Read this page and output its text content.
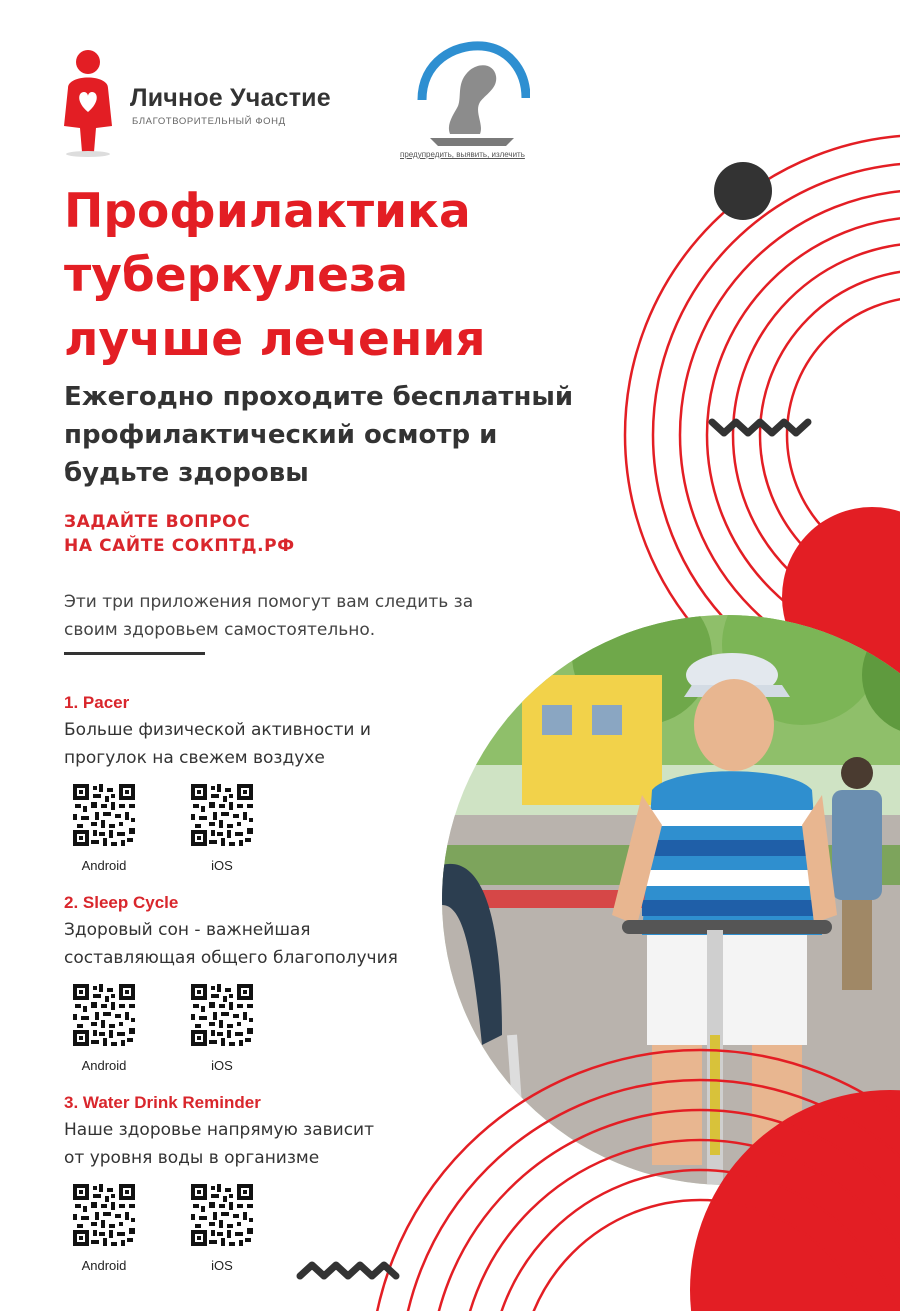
Личное Участие
БЛАГОТВОРИТЕЛЬНЫЙ ФОНД
предупредить, выявить, излечить
Профилактика
туберкулеза
лучше лечения
Ежегодно проходите бесплатный
профилактический осмотр и
будьте здоровы
ЗАДАЙТЕ ВОПРОС
НА САЙТЕ СОКПТД.РФ
Эти три приложения помогут вам следить за
своим здоровьем самостоятельно.
1. Pacer
Больше физической активности и
прогулок на свежем воздухе
Android	iOS
2. Sleep Cycle
Здоровый сон - важнейшая
составляющая общего благополучия
Android	iOS
3. Water Drink Reminder
Наше здоровье напрямую зависит
от уровня воды в организме
Android	iOS
